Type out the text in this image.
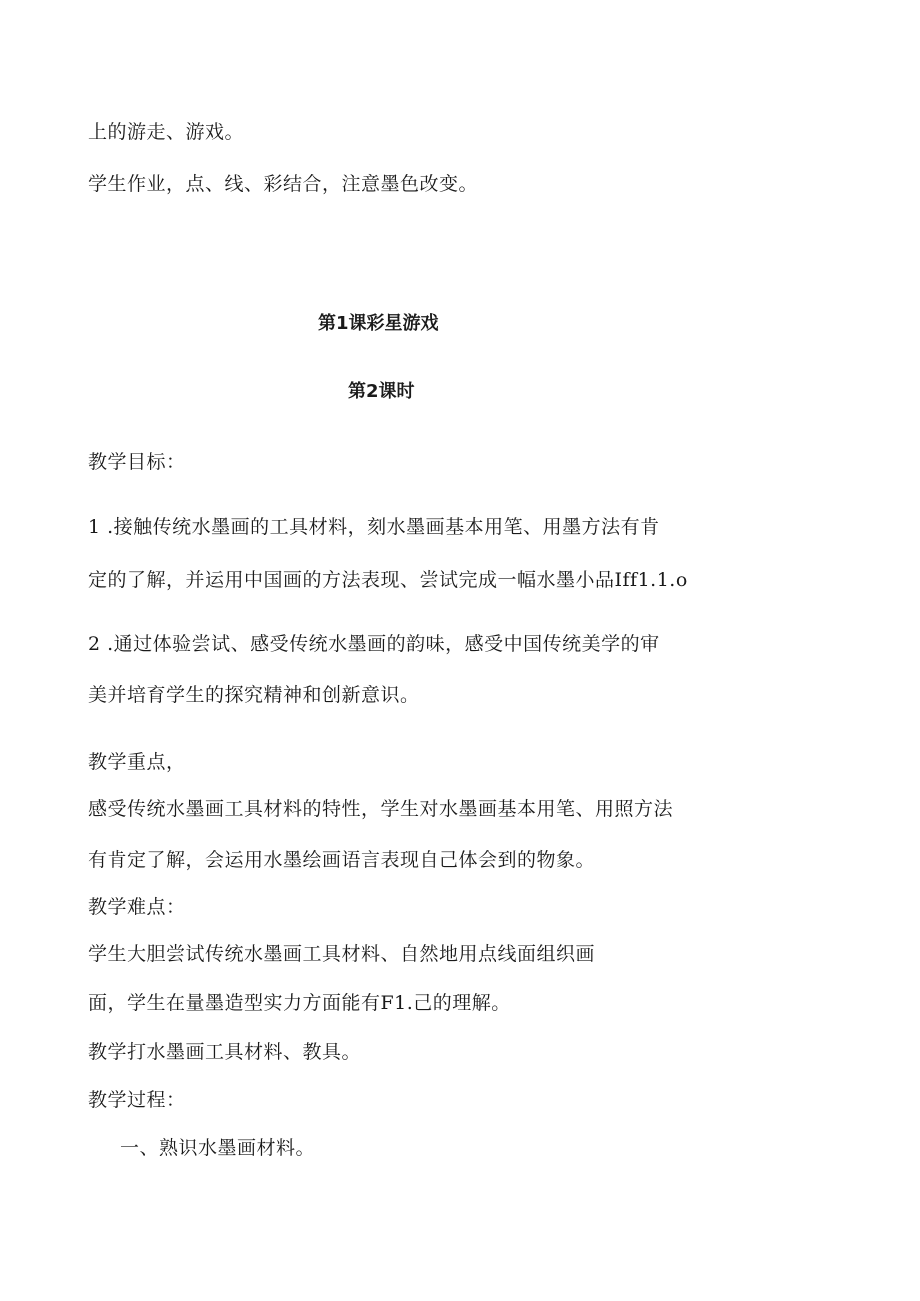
上的游走、游戏。
学生作业，点、线、彩结合，注意墨色改变。
第1课彩星游戏
第2课时
教学目标：
1 .接触传统水墨画的工具材料，刻水墨画基本用笔、用墨方法有肯
定的了解，并运用中国画的方法表现、尝试完成一幅水墨小品Iff1.1.o
2 .通过体验尝试、感受传统水墨画的韵味，感受中国传统美学的审
美并培育学生的探究精神和创新意识。
教学重点，
感受传统水墨画工具材料的特性，学生对水墨画基本用笔、用照方法
有肯定了解，会运用水墨绘画语言表现自己体会到的物象。
教学难点：
学生大胆尝试传统水墨画工具材料、自然地用点线面组织画
面，学生在量墨造型实力方面能有F1.己的理解。
教学打水墨画工具材料、教具。
教学过程：
一、熟识水墨画材料。
